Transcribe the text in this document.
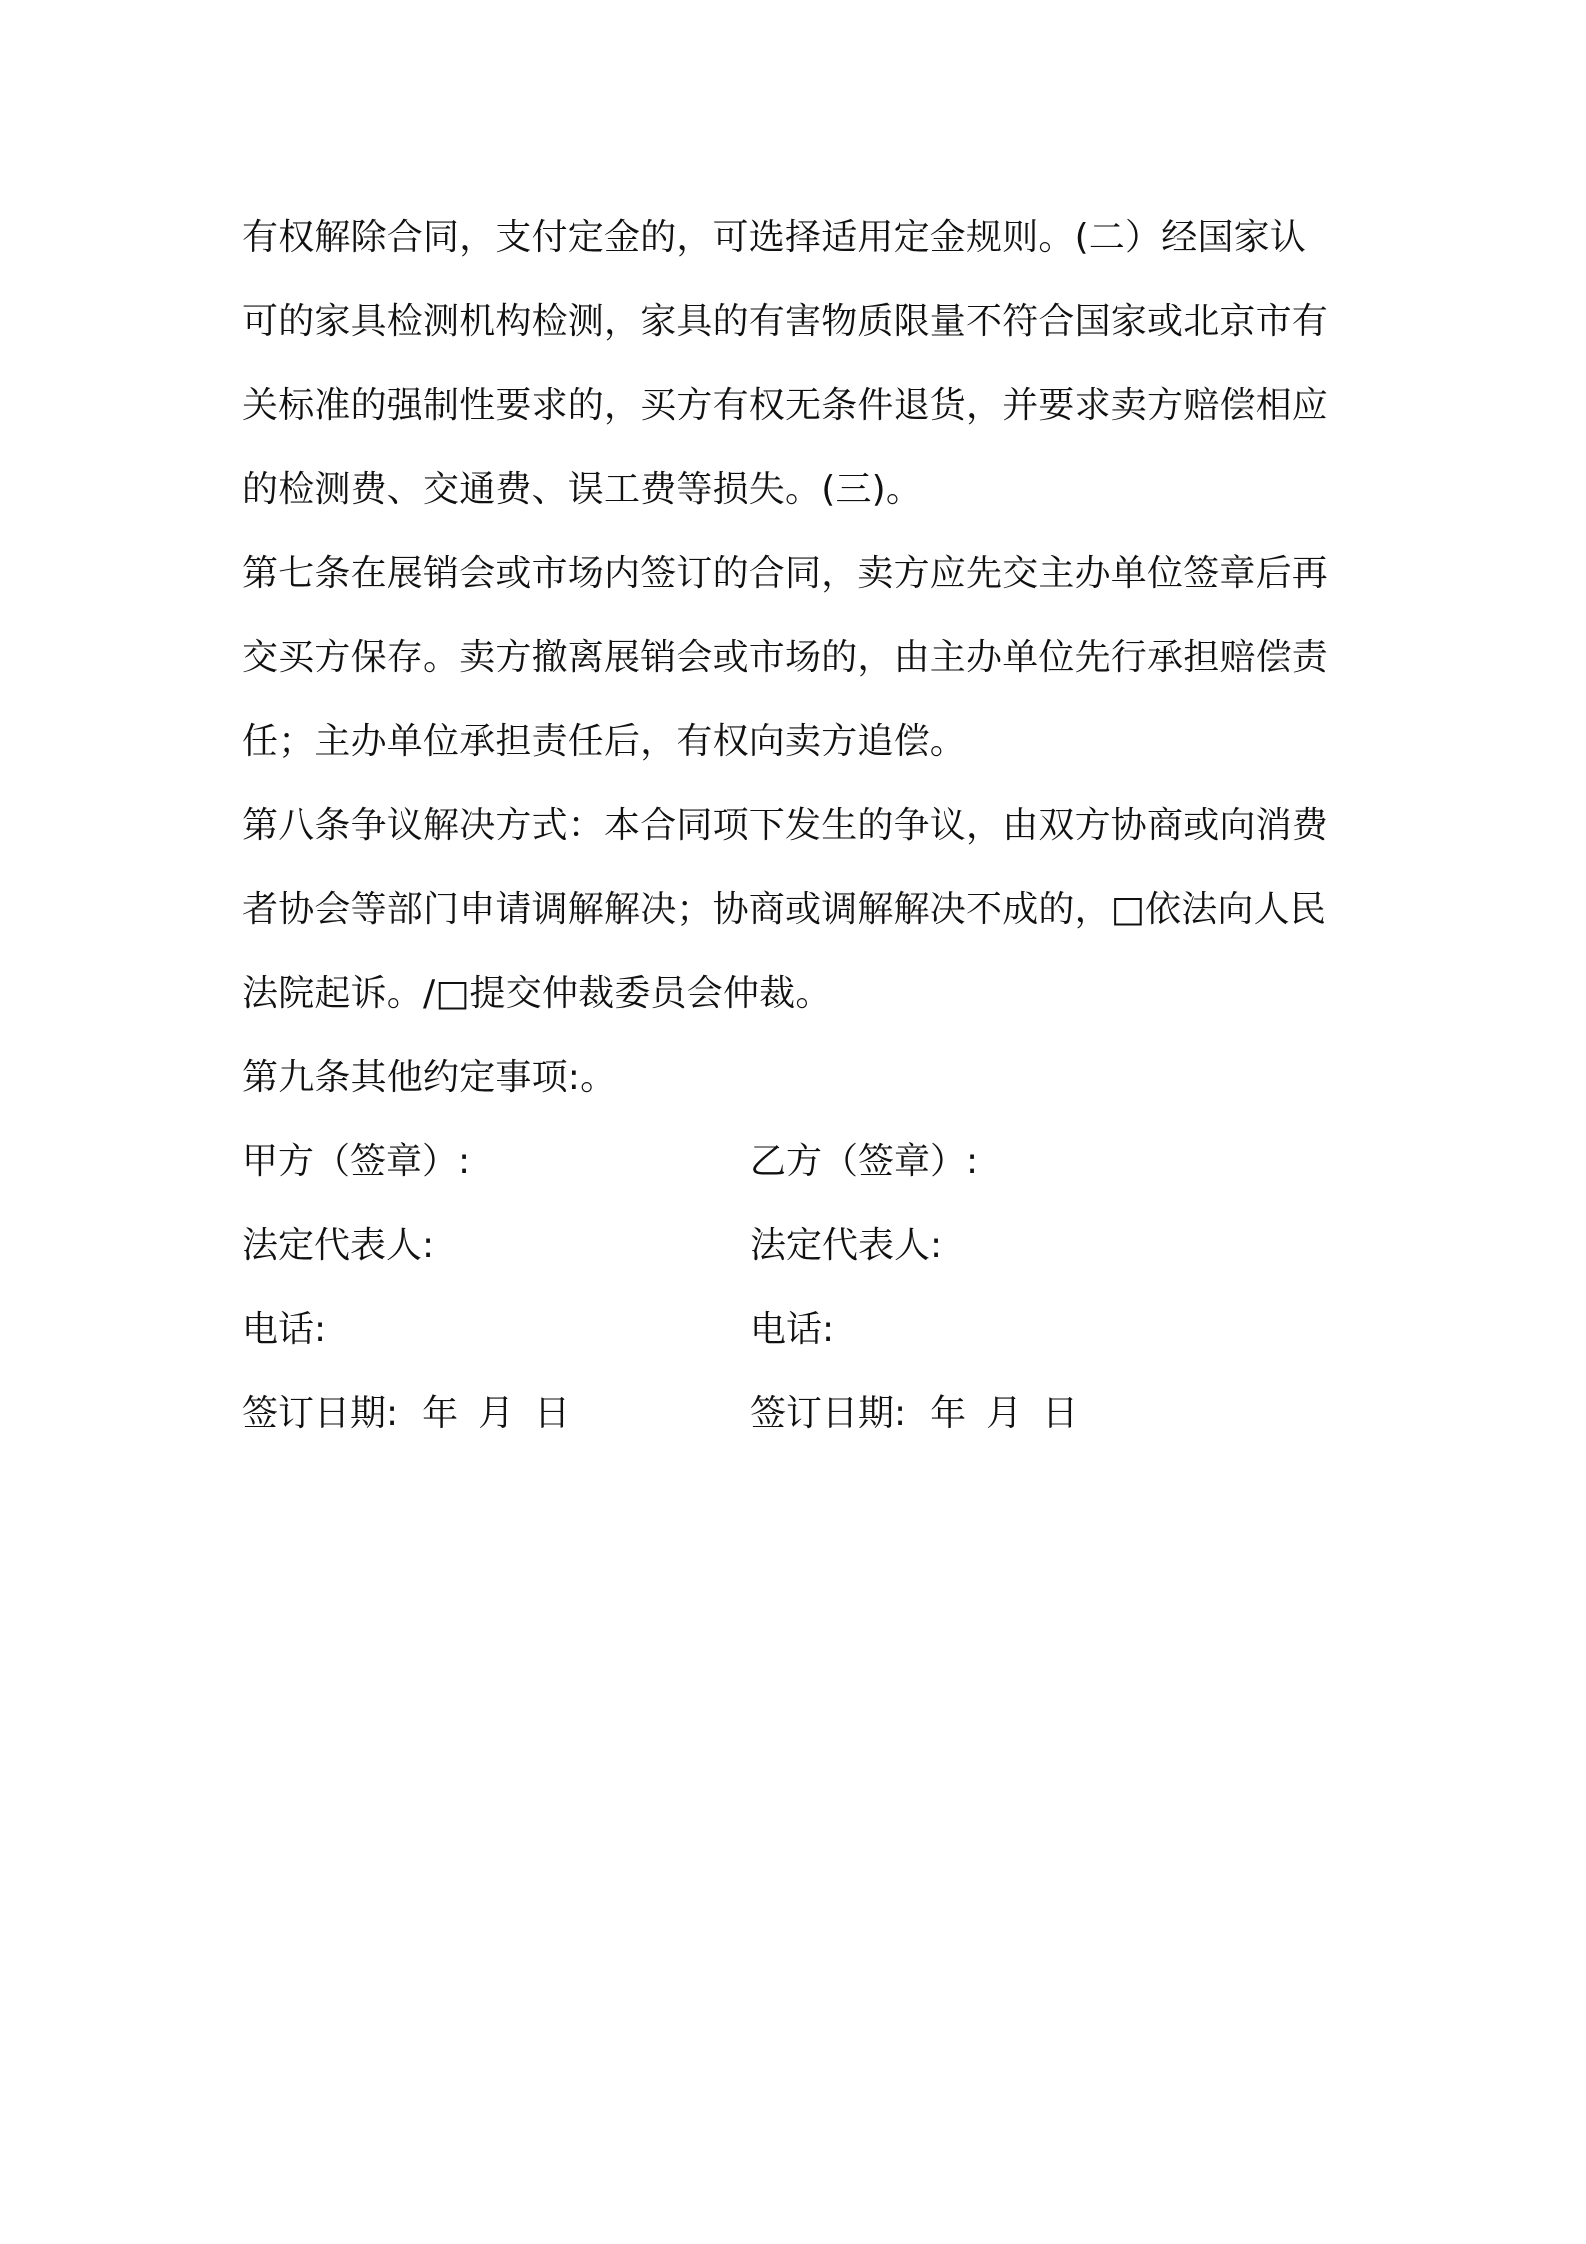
有权解除合同，支付定金的，可选择适用定金规则。(二）经国家认

可的家具检测机构检测，家具的有害物质限量不符合国家或北京市有

关标准的强制性要求的，买方有权无条件退货，并要求卖方赔偿相应

的检测费、交通费、误工费等损失。(三)。

第七条在展销会或市场内签订的合同，卖方应先交主办单位签章后再

交买方保存。卖方撤离展销会或市场的，由主办单位先行承担赔偿责

任；主办单位承担责任后，有权向卖方追偿。

第八条争议解决方式：本合同项下发生的争议，由双方协商或向消费

者协会等部门申请调解解决；协商或调解解决不成的，□依法向人民

法院起诉。/□提交仲裁委员会仲裁。

第九条其他约定事项:。

甲方（签章）:	乙方（签章）:
法定代表人:	法定代表人:
电话:	电话:
签订日期: 年 月 日	签订日期: 年 月 日
